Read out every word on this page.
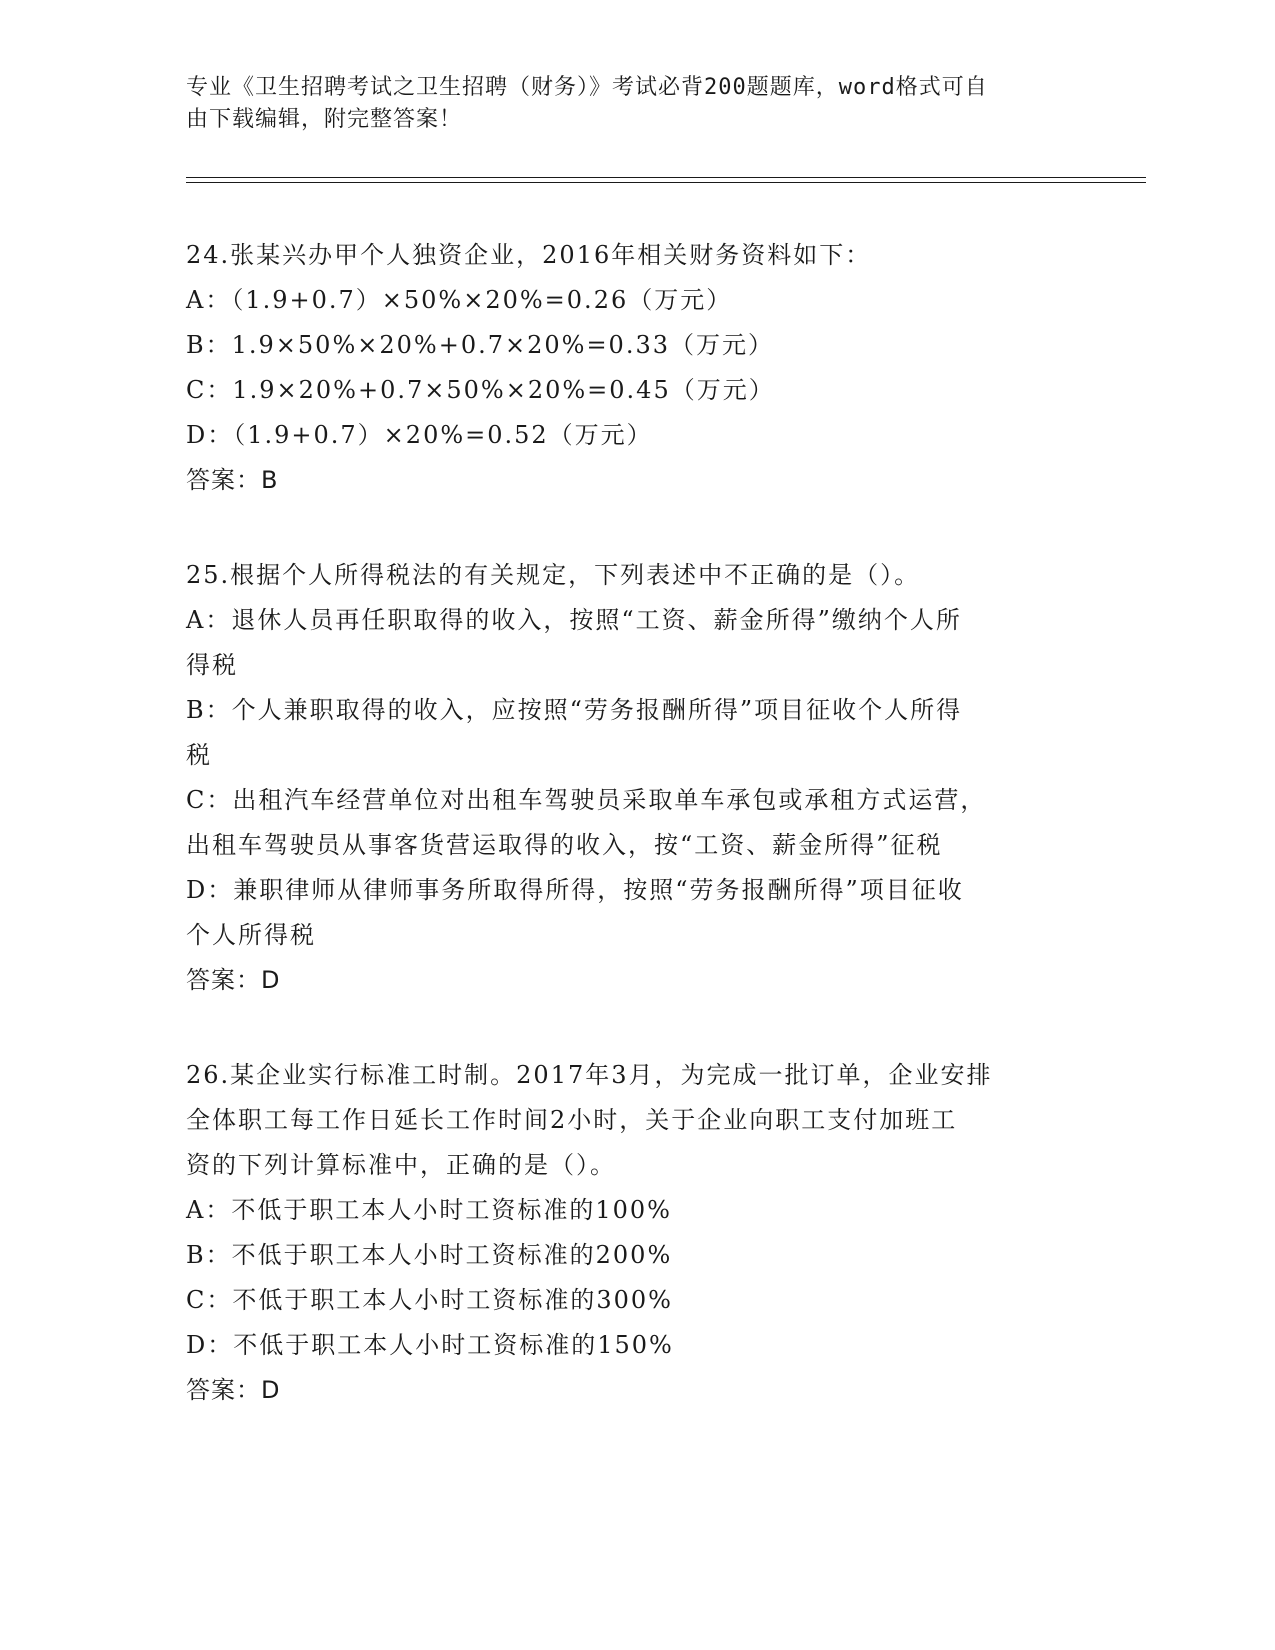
专业《卫生招聘考试之卫生招聘（财务）》考试必背200题题库，word格式可自
由下载编辑，附完整答案！

24.张某兴办甲个人独资企业，2016年相关财务资料如下：

A：（1.9+0.7）×50%×20%=0.26（万元）

B：1.9×50%×20%+0.7×20%=0.33（万元）

C：1.9×20%+0.7×50%×20%=0.45（万元）

D：（1.9+0.7）×20%=0.52（万元）

答案：B

25.根据个人所得税法的有关规定，下列表述中不正确的是（）。

A：退休人员再任职取得的收入，按照“工资、薪金所得”缴纳个人所

得税

B：个人兼职取得的收入，应按照“劳务报酬所得”项目征收个人所得

税

C：出租汽车经营单位对出租车驾驶员采取单车承包或承租方式运营，

出租车驾驶员从事客货营运取得的收入，按“工资、薪金所得”征税

D：兼职律师从律师事务所取得所得，按照“劳务报酬所得”项目征收

个人所得税

答案：D

26.某企业实行标准工时制。2017年3月，为完成一批订单，企业安排

全体职工每工作日延长工作时间2小时，关于企业向职工支付加班工

资的下列计算标准中，正确的是（）。

A：不低于职工本人小时工资标准的100%

B：不低于职工本人小时工资标准的200%

C：不低于职工本人小时工资标准的300%

D：不低于职工本人小时工资标准的150%

答案：D
